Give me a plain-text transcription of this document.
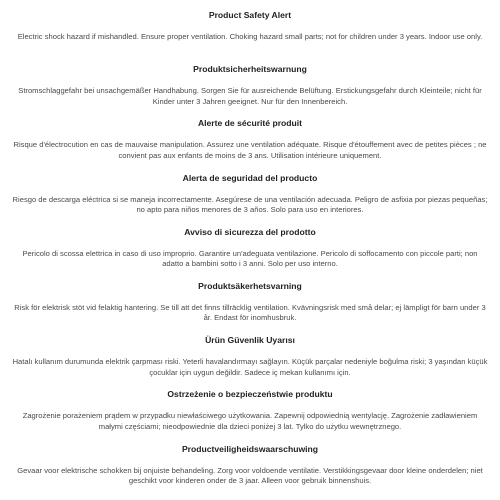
Product Safety Alert
Electric shock hazard if mishandled. Ensure proper ventilation. Choking hazard small parts; not for children under 3 years. Indoor use only.
Produktsicherheitswarnung
Stromschlaggefahr bei unsachgemäßer Handhabung. Sorgen Sie für ausreichende Belüftung. Erstickungsgefahr durch Kleinteile; nicht für Kinder unter 3 Jahren geeignet. Nur für den Innenbereich.
Alerte de sécurité produit
Risque d'électrocution en cas de mauvaise manipulation. Assurez une ventilation adéquate. Risque d'étouffement avec de petites pièces ; ne convient pas aux enfants de moins de 3 ans. Utilisation intérieure uniquement.
Alerta de seguridad del producto
Riesgo de descarga eléctrica si se maneja incorrectamente. Asegúrese de una ventilación adecuada. Peligro de asfixia por piezas pequeñas; no apto para niños menores de 3 años. Solo para uso en interiores.
Avviso di sicurezza del prodotto
Pericolo di scossa elettrica in caso di uso improprio. Garantire un'adeguata ventilazione. Pericolo di soffocamento con piccole parti; non adatto a bambini sotto i 3 anni. Solo per uso interno.
Produktsäkerhetsvarning
Risk för elektrisk stöt vid felaktig hantering. Se till att det finns tillräcklig ventilation. Kvävningsrisk med små delar; ej lämpligt för barn under 3 år. Endast för inomhusbruk.
Ürün Güvenlik Uyarısı
Hatalı kullanım durumunda elektrik çarpması riski. Yeterli havalandırmayı sağlayın. Küçük parçalar nedeniyle boğulma riski; 3 yaşından küçük çocuklar için uygun değildir. Sadece iç mekan kullanımı için.
Ostrzeżenie o bezpieczeństwie produktu
Zagrożenie porażeniem prądem w przypadku niewłaściwego użytkowania. Zapewnij odpowiednią wentylację. Zagrożenie zadławieniem małymi częściami; nieodpowiednie dla dzieci poniżej 3 lat. Tylko do użytku wewnętrznego.
Productveiligheidswaarschuwing
Gevaar voor elektrische schokken bij onjuiste behandeling. Zorg voor voldoende ventilatie. Verstikkingsgevaar door kleine onderdelen; niet geschikt voor kinderen onder de 3 jaar. Alleen voor gebruik binnenshuis.
